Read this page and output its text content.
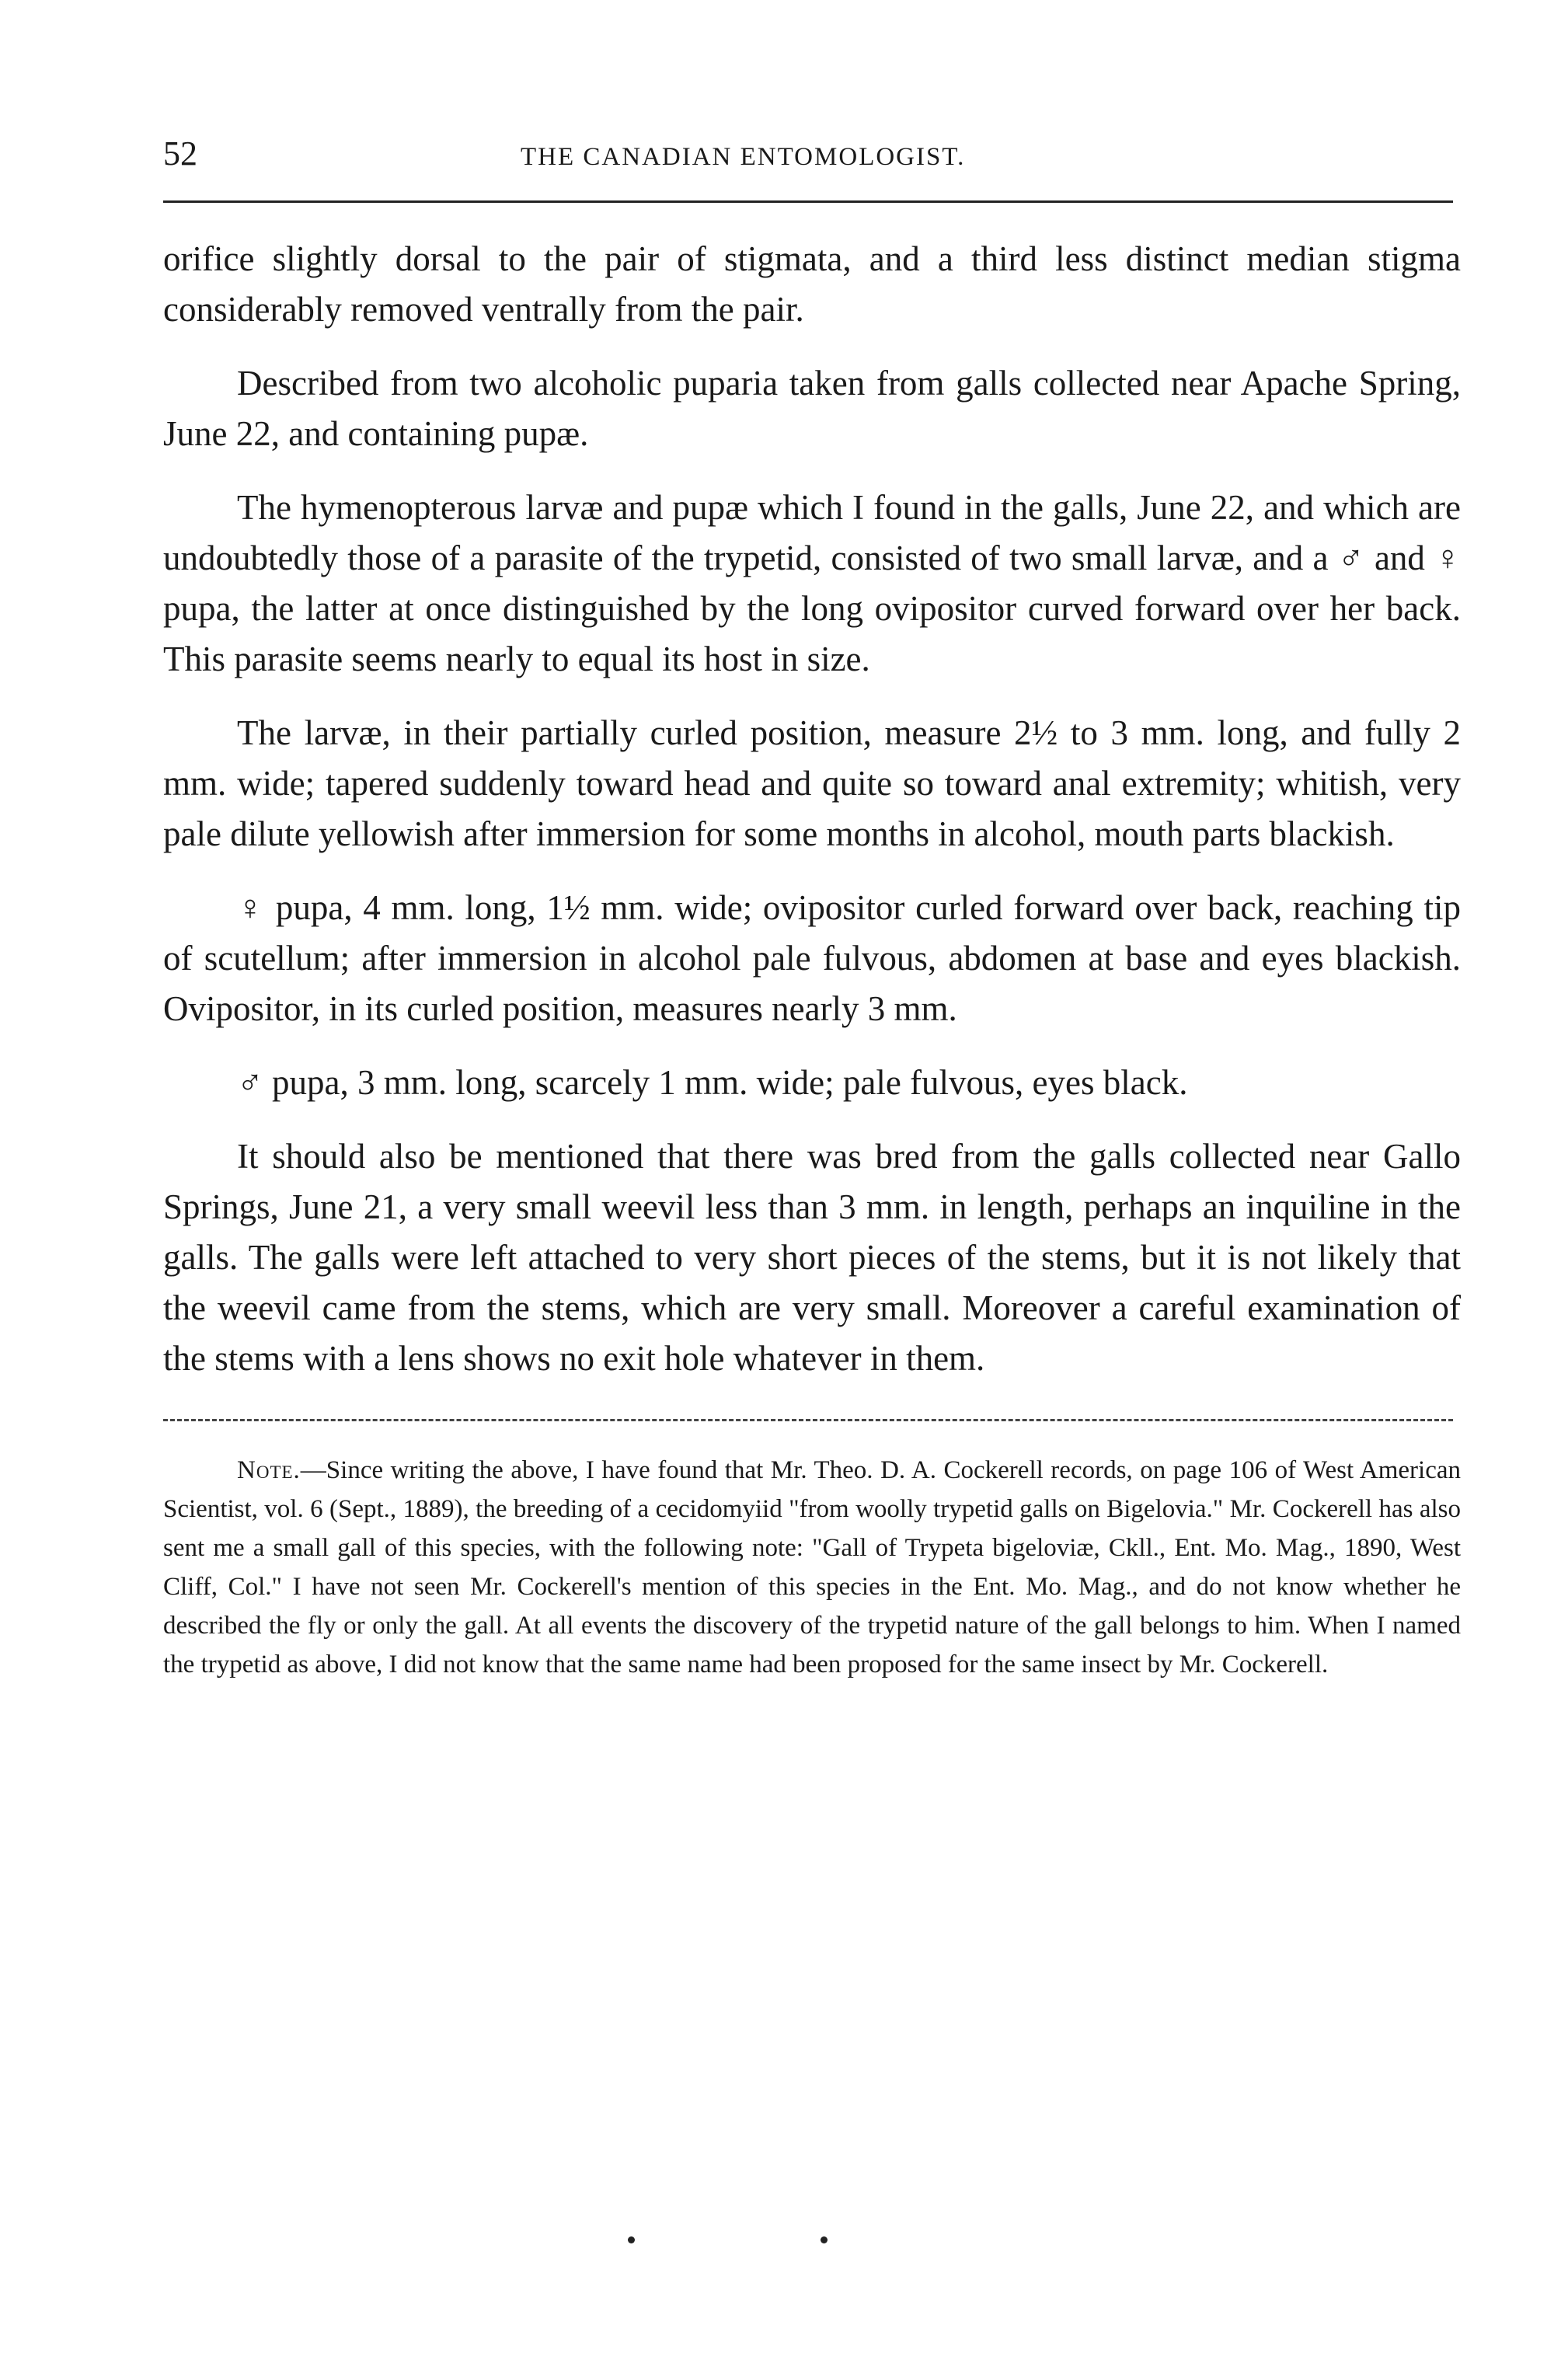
52	THE CANADIAN ENTOMOLOGIST.

orifice slightly dorsal to the pair of stigmata, and a third less distinct median stigma considerably removed ventrally from the pair.

Described from two alcoholic puparia taken from galls collected near Apache Spring, June 22, and containing pupæ.

The hymenopterous larvæ and pupæ which I found in the galls, June 22, and which are undoubtedly those of a parasite of the trypetid, consisted of two small larvæ, and a ♂ and ♀ pupa, the latter at once distinguished by the long ovipositor curved forward over her back. This parasite seems nearly to equal its host in size.

The larvæ, in their partially curled position, measure 2½ to 3 mm. long, and fully 2 mm. wide; tapered suddenly toward head and quite so toward anal extremity; whitish, very pale dilute yellowish after immersion for some months in alcohol, mouth parts blackish.

♀ pupa, 4 mm. long, 1½ mm. wide; ovipositor curled forward over back, reaching tip of scutellum; after immersion in alcohol pale fulvous, abdomen at base and eyes blackish. Ovipositor, in its curled position, measures nearly 3 mm.

♂ pupa, 3 mm. long, scarcely 1 mm. wide; pale fulvous, eyes black.

It should also be mentioned that there was bred from the galls collected near Gallo Springs, June 21, a very small weevil less than 3 mm. in length, perhaps an inquiline in the galls. The galls were left attached to very short pieces of the stems, but it is not likely that the weevil came from the stems, which are very small. Moreover a careful examination of the stems with a lens shows no exit hole whatever in them.

Note.—Since writing the above, I have found that Mr. Theo. D. A. Cockerell records, on page 106 of West American Scientist, vol. 6 (Sept., 1889), the breeding of a cecidomyiid "from woolly trypetid galls on Bigelovia." Mr. Cockerell has also sent me a small gall of this species, with the following note: "Gall of Trypeta bigeloviæ, Ckll., Ent. Mo. Mag., 1890, West Cliff, Col." I have not seen Mr. Cockerell's mention of this species in the Ent. Mo. Mag., and do not know whether he described the fly or only the gall. At all events the discovery of the trypetid nature of the gall belongs to him. When I named the trypetid as above, I did not know that the same name had been proposed for the same insect by Mr. Cockerell.
